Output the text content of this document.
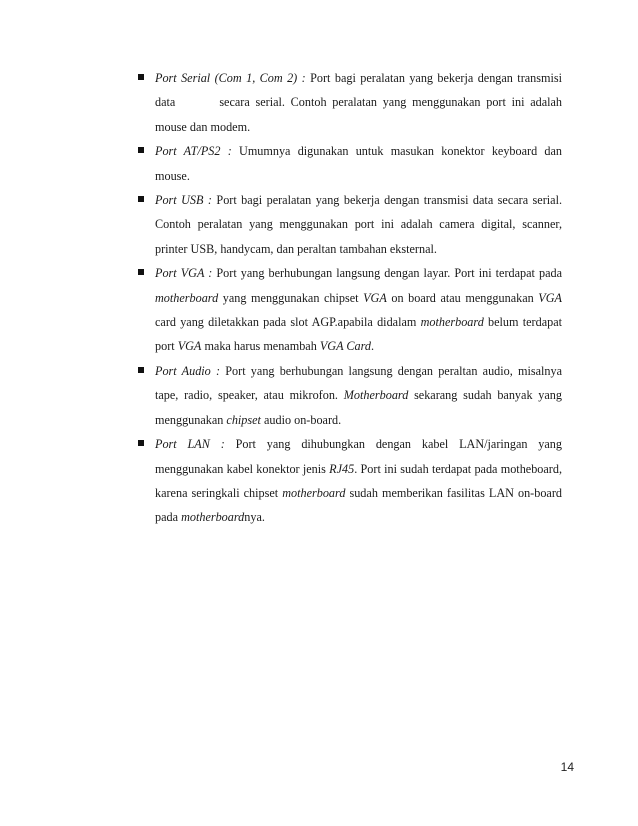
Port Serial (Com 1, Com 2) : Port bagi peralatan yang bekerja dengan transmisi data	secara serial. Contoh peralatan yang menggunakan port ini adalah mouse dan modem.
Port AT/PS2 : Umumnya digunakan untuk masukan konektor keyboard dan mouse.
Port USB : Port bagi peralatan yang bekerja dengan transmisi data secara serial. Contoh peralatan yang menggunakan port ini adalah camera digital, scanner, printer USB, handycam, dan peraltan tambahan eksternal.
Port VGA : Port yang berhubungan langsung dengan layar. Port ini terdapat pada motherboard yang menggunakan chipset VGA on board atau menggunakan VGA card yang diletakkan pada slot AGP.apabila didalam motherboard belum terdapat port VGA maka harus menambah VGA Card.
Port Audio : Port yang berhubungan langsung dengan peraltan audio, misalnya tape, radio, speaker, atau mikrofon. Motherboard sekarang sudah banyak yang menggunakan chipset audio on-board.
Port LAN : Port yang dihubungkan dengan kabel LAN/jaringan yang menggunakan kabel konektor jenis RJ45. Port ini sudah terdapat pada motheboard, karena seringkali chipset motherboard sudah memberikan fasilitas LAN on-board pada motherboardnya.
14
